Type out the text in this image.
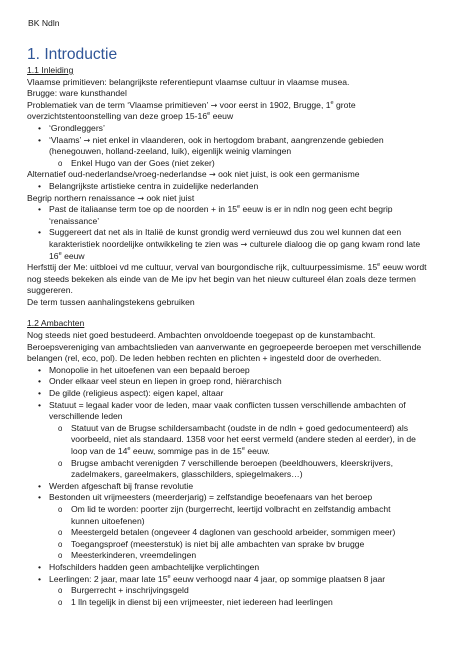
BK Ndln
1. Introductie
1.1 Inleiding
Vlaamse primitieven: belangrijkste referentiepunt vlaamse cultuur in vlaamse musea.
Brugge: ware kunsthandel
Problematiek van de term ‘Vlaamse primitieven’ → voor eerst in 1902, Brugge, 1e grote
overzichtstentoonstelling van deze groep 15-16e eeuw
• ‘Grondleggers’
• ‘Vlaams’ → niet enkel in vlaanderen, ook in hertogdom brabant, aangrenzende gebieden
(henegouwen, holland-zeeland, luik), eigenlijk weinig vlamingen
o Enkel Hugo van der Goes (niet zeker)
Alternatief oud-nederlandse/vroeg-nederlandse → ook niet juist, is ook een germanisme
• Belangrijkste artistieke centra in zuidelijke nederlanden
Begrip northern renaissance → ook niet juist
• Past de italiaanse term toe op de noorden + in 15e eeuw is er in ndln nog geen echt begrip
‘renaissance’
• Suggereert dat net als in Italië de kunst grondig werd vernieuwd dus zou wel kunnen dat een
karakteristiek noordelijke ontwikkeling te zien was → culturele dialoog die op gang kwam rond late
16e eeuw
Herfsttij der Me: uitbloei vd me cultuur, verval van bourgondische rijk, cultuurpessimisme. 15e eeuw wordt
nog steeds bekeken als einde van de Me ipv het begin van het nieuw cultureel élan zoals deze termen
suggereren.
De term tussen aanhalingstekens gebruiken
1.2 Ambachten
Nog steeds niet goed bestudeerd. Ambachten onvoldoende toegepast op de kunstambacht.
Beroepsvereniging van ambachtslieden van aanverwante en gegroepeerde beroepen met verschillende
belangen (rel, eco, pol). De leden hebben rechten en plichten + ingesteld door de overheden.
• Monopolie in het uitoefenen van een bepaald beroep
• Onder elkaar veel steun en liepen in groep rond, hiërarchisch
• De gilde (religieus aspect): eigen kapel, altaar
• Statuut = legaal kader voor de leden, maar vaak conflicten tussen verschillende ambachten of
verschillende leden
o Statuut van de Brugse schildersambacht (oudste in de ndln + goed gedocumenteerd) als
voorbeeld, niet als standaard. 1358 voor het eerst vermeld (andere steden al eerder), in de
loop van de 14e eeuw, sommige pas in de 15e eeuw.
o Brugse ambacht verenigden 7 verschillende beroepen (beeldhouwers, kleerskrijvers,
zadelmakers, gareelmakers, glasschilders, spiegelmakers…)
• Werden afgeschaft bij franse revolutie
• Bestonden uit vrijmeesters (meerderjarig) = zelfstandige beoefenaars van het beroep
o Om lid te worden: poorter zijn (burgerrecht, leertijd volbracht en zelfstandig ambacht
kunnen uitoefenen)
o Meestergeld betalen (ongeveer 4 daglonen van geschoold arbeider, sommigen meer)
o Toegangsproef (meesterstuk) is niet bij alle ambachten van sprake bv brugge
o Meesterkinderen, vreemdelingen
• Hofschilders hadden geen ambachtelijke verplichtingen
• Leerlingen: 2 jaar, maar late 15e eeuw verhoogd naar 4 jaar, op sommige plaatsen 8 jaar
o Burgerrecht + inschrijvingsgeld
o 1 lln tegelijk in dienst bij een vrijmeester, niet iedereen had leerlingen
